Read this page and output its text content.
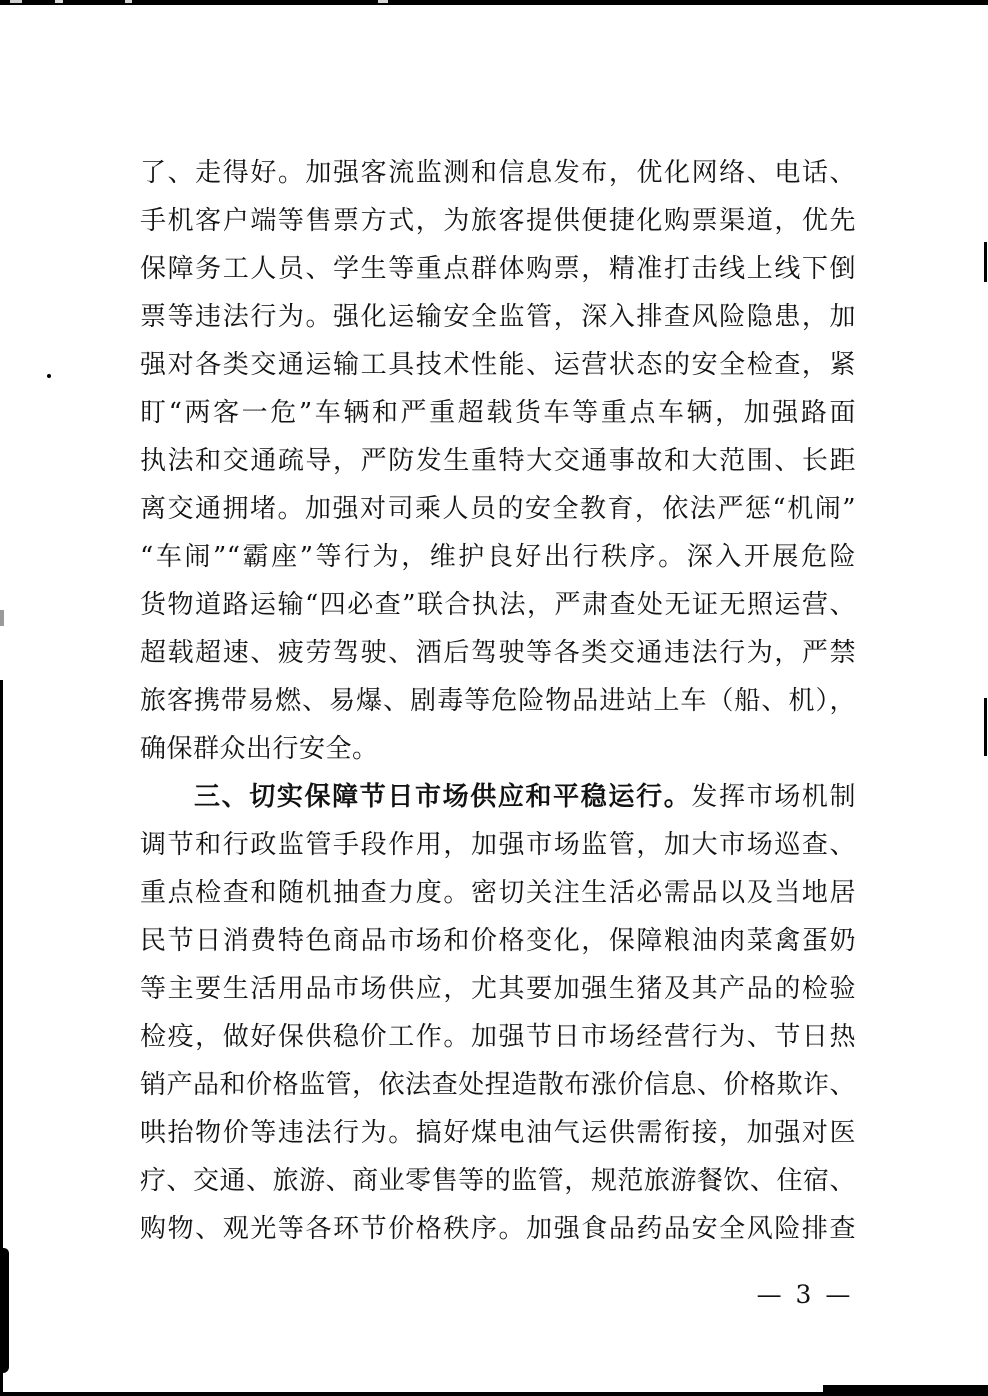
了、走得好。加强客流监测和信息发布，优化网络、电话、

手机客户端等售票方式，为旅客提供便捷化购票渠道，优先

保障务工人员、学生等重点群体购票，精准打击线上线下倒

票等违法行为。强化运输安全监管，深入排查风险隐患，加

强对各类交通运输工具技术性能、运营状态的安全检查，紧

盯“两客一危”车辆和严重超载货车等重点车辆，加强路面

执法和交通疏导，严防发生重特大交通事故和大范围、长距

离交通拥堵。加强对司乘人员的安全教育，依法严惩“机闹”

“车闹”“霸座”等行为，维护良好出行秩序。深入开展危险

货物道路运输“四必查”联合执法，严肃查处无证无照运营、

超载超速、疲劳驾驶、酒后驾驶等各类交通违法行为，严禁

旅客携带易燃、易爆、剧毒等危险物品进站上车（船、机），

确保群众出行安全。

三、切实保障节日市场供应和平稳运行。发挥市场机制

调节和行政监管手段作用，加强市场监管，加大市场巡查、

重点检查和随机抽查力度。密切关注生活必需品以及当地居

民节日消费特色商品市场和价格变化，保障粮油肉菜禽蛋奶

等主要生活用品市场供应，尤其要加强生猪及其产品的检验

检疫，做好保供稳价工作。加强节日市场经营行为、节日热

销产品和价格监管，依法查处捏造散布涨价信息、价格欺诈、

哄抬物价等违法行为。搞好煤电油气运供需衔接，加强对医

疗、交通、旅游、商业零售等的监管，规范旅游餐饮、住宿、

购物、观光等各环节价格秩序。加强食品药品安全风险排查

— 3 —
